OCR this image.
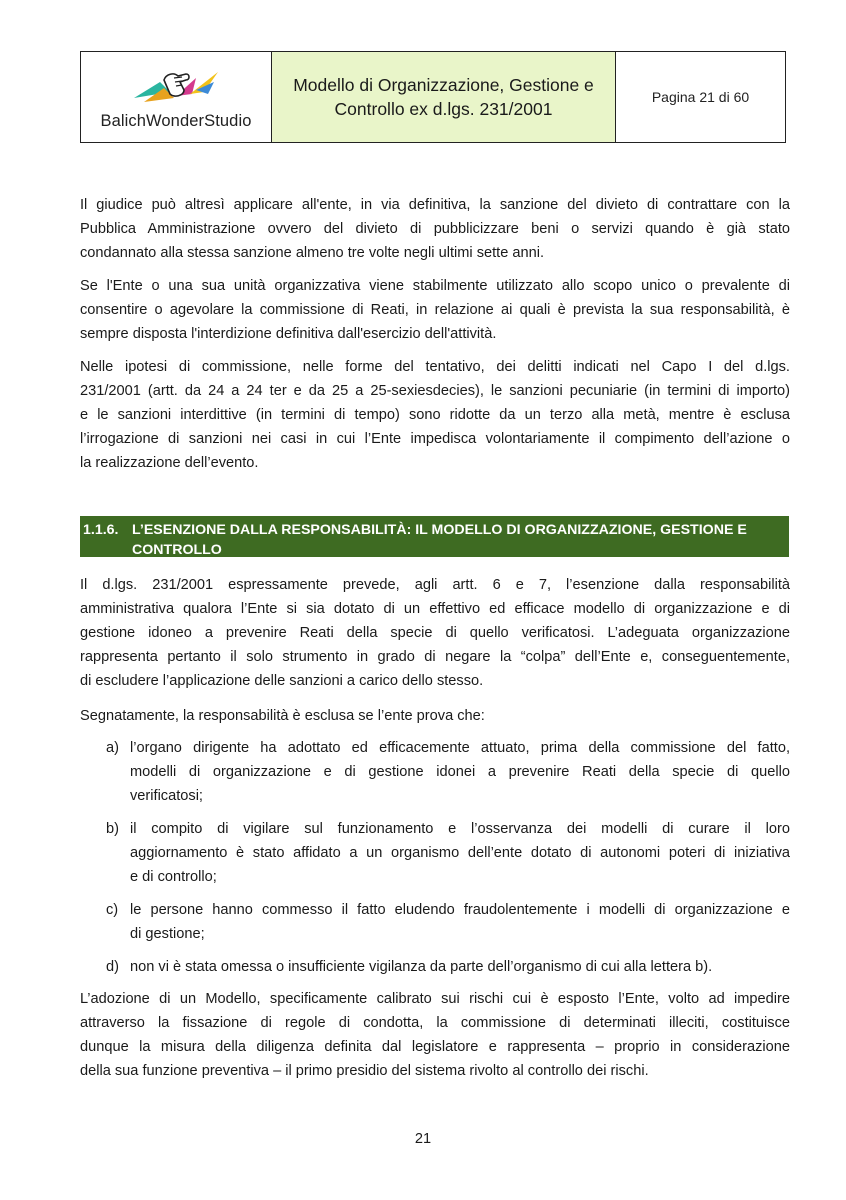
BalichWonderStudio
Modello di Organizzazione, Gestione e
Controllo ex d.lgs. 231/2001
Pagina 21 di 60
Il giudice può altresì applicare all'ente, in via definitiva, la sanzione del divieto di contrattare con la
Pubblica Amministrazione ovvero del divieto di pubblicizzare beni o servizi quando è già stato
condannato alla stessa sanzione almeno tre volte negli ultimi sette anni.
Se l'Ente o una sua unità organizzativa viene stabilmente utilizzato allo scopo unico o prevalente di
consentire o agevolare la commissione di Reati, in relazione ai quali è prevista la sua responsabilità, è
sempre disposta l'interdizione definitiva dall'esercizio dell'attività.
Nelle ipotesi di commissione, nelle forme del tentativo, dei delitti indicati nel Capo I del d.lgs.
231/2001 (artt. da 24 a 24 ter e da 25 a 25-sexiesdecies), le sanzioni pecuniarie (in termini di importo)
e le sanzioni interdittive (in termini di tempo) sono ridotte da un terzo alla metà, mentre è esclusa
l’irrogazione di sanzioni nei casi in cui l’Ente impedisca volontariamente il compimento dell’azione o
la realizzazione dell’evento.
1.1.6. L’ESENZIONE DALLA RESPONSABILITÀ: IL MODELLO DI ORGANIZZAZIONE, GESTIONE E
CONTROLLO
Il d.lgs. 231/2001 espressamente prevede, agli artt. 6 e 7, l’esenzione dalla responsabilità
amministrativa qualora l’Ente si sia dotato di un effettivo ed efficace modello di organizzazione e di
gestione idoneo a prevenire Reati della specie di quello verificatosi. L’adeguata organizzazione
rappresenta pertanto il solo strumento in grado di negare la “colpa” dell’Ente e, conseguentemente,
di escludere l’applicazione delle sanzioni a carico dello stesso.
Segnatamente, la responsabilità è esclusa se l’ente prova che:
a) l’organo dirigente ha adottato ed efficacemente attuato, prima della commissione del fatto,
modelli di organizzazione e di gestione idonei a prevenire Reati della specie di quello
verificatosi;
b) il compito di vigilare sul funzionamento e l’osservanza dei modelli di curare il loro
aggiornamento è stato affidato a un organismo dell’ente dotato di autonomi poteri di iniziativa
e di controllo;
c) le persone hanno commesso il fatto eludendo fraudolentemente i modelli di organizzazione e
di gestione;
d) non vi è stata omessa o insufficiente vigilanza da parte dell’organismo di cui alla lettera b).
L’adozione di un Modello, specificamente calibrato sui rischi cui è esposto l’Ente, volto ad impedire
attraverso la fissazione di regole di condotta, la commissione di determinati illeciti, costituisce
dunque la misura della diligenza definita dal legislatore e rappresenta – proprio in considerazione
della sua funzione preventiva – il primo presidio del sistema rivolto al controllo dei rischi.
21
